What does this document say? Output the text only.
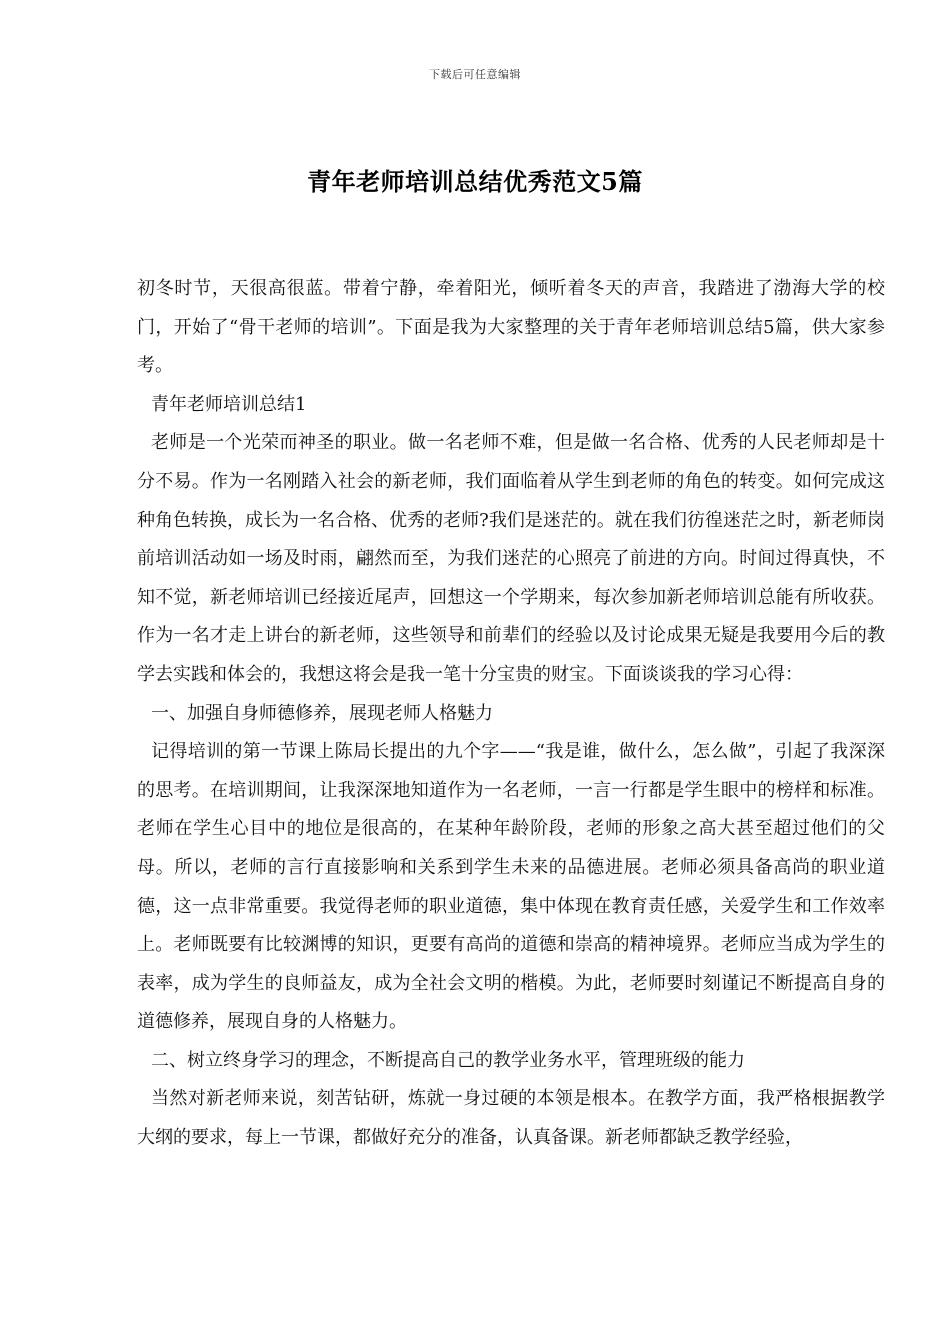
下载后可任意编辑
青年老师培训总结优秀范文5篇

初冬时节，天很高很蓝。带着宁静，牵着阳光，倾听着冬天的声音，我踏进了渤海大学的校门，开始了“骨干老师的培训”。下面是我为大家整理的关于青年老师培训总结5篇，供大家参考。

青年老师培训总结1

老师是一个光荣而神圣的职业。做一名老师不难，但是做一名合格、优秀的人民老师却是十分不易。作为一名刚踏入社会的新老师，我们面临着从学生到老师的角色的转变。如何完成这种角色转换，成长为一名合格、优秀的老师?我们是迷茫的。就在我们彷徨迷茫之时，新老师岗前培训活动如一场及时雨，翩然而至，为我们迷茫的心照亮了前进的方向。时间过得真快，不知不觉，新老师培训已经接近尾声，回想这一个学期来，每次参加新老师培训总能有所收获。作为一名才走上讲台的新老师，这些领导和前辈们的经验以及讨论成果无疑是我要用今后的教学去实践和体会的，我想这将会是我一笔十分宝贵的财宝。下面谈谈我的学习心得：

一、加强自身师德修养，展现老师人格魅力

记得培训的第一节课上陈局长提出的九个字——“我是谁，做什么，怎么做”，引起了我深深的思考。在培训期间，让我深深地知道作为一名老师，一言一行都是学生眼中的榜样和标准。老师在学生心目中的地位是很高的，在某种年龄阶段，老师的形象之高大甚至超过他们的父母。所以，老师的言行直接影响和关系到学生未来的品德进展。老师必须具备高尚的职业道德，这一点非常重要。我觉得老师的职业道德，集中体现在教育责任感，关爱学生和工作效率上。老师既要有比较渊博的知识，更要有高尚的道德和崇高的精神境界。老师应当成为学生的表率，成为学生的良师益友，成为全社会文明的楷模。为此，老师要时刻谨记不断提高自身的道德修养，展现自身的人格魅力。

二、树立终身学习的理念，不断提高自己的教学业务水平，管理班级的能力

当然对新老师来说，刻苦钻研，炼就一身过硬的本领是根本。在教学方面，我严格根据教学大纲的要求，每上一节课，都做好充分的准备，认真备课。新老师都缺乏教学经验，
